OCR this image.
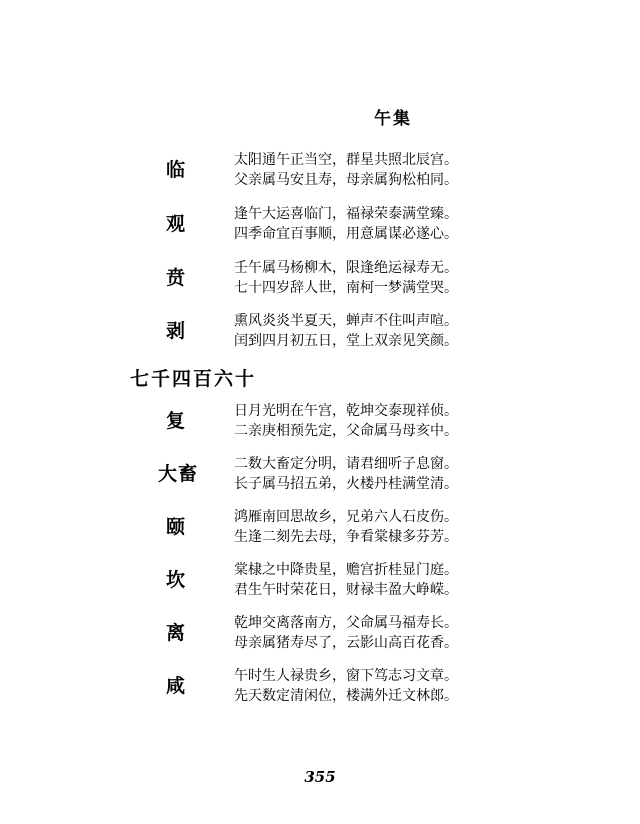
午集
临	太阳通午正当空，群星共照北辰宫。
父亲属马安且寿，母亲属狗松柏同。
观	逢午大运喜临门，福禄荣泰满堂臻。
四季命宜百事顺，用意属谋必遂心。
贲	壬午属马杨柳木，限逢绝运禄寿无。
七十四岁辞人世，南柯一梦满堂哭。
剥	熏风炎炎半夏天，蝉声不住叫声喧。
闰到四月初五日，堂上双亲见笑颜。
七千四百六十
复	日月光明在午宫，乾坤交泰现祥侦。
二亲庚相预先定，父命属马母亥中。
大畜	二数大畜定分明，请君细听子息窗。
长子属马招五弟，火楼丹桂满堂清。
颐	鸿雁南回思故乡，兄弟六人石皮伤。
生逢二刻先去母，争看棠棣多芬芳。
坎	棠棣之中降贵星，赡宫折桂显门庭。
君生午时荣花日，财禄丰盈大峥嵘。
离	乾坤交离落南方，父命属马福寿长。
母亲属猪寿尽了，云影山高百花香。
咸	午时生人禄贵乡，窗下笃志习文章。
先天数定清闲位，楼满外迁文林郎。
355
